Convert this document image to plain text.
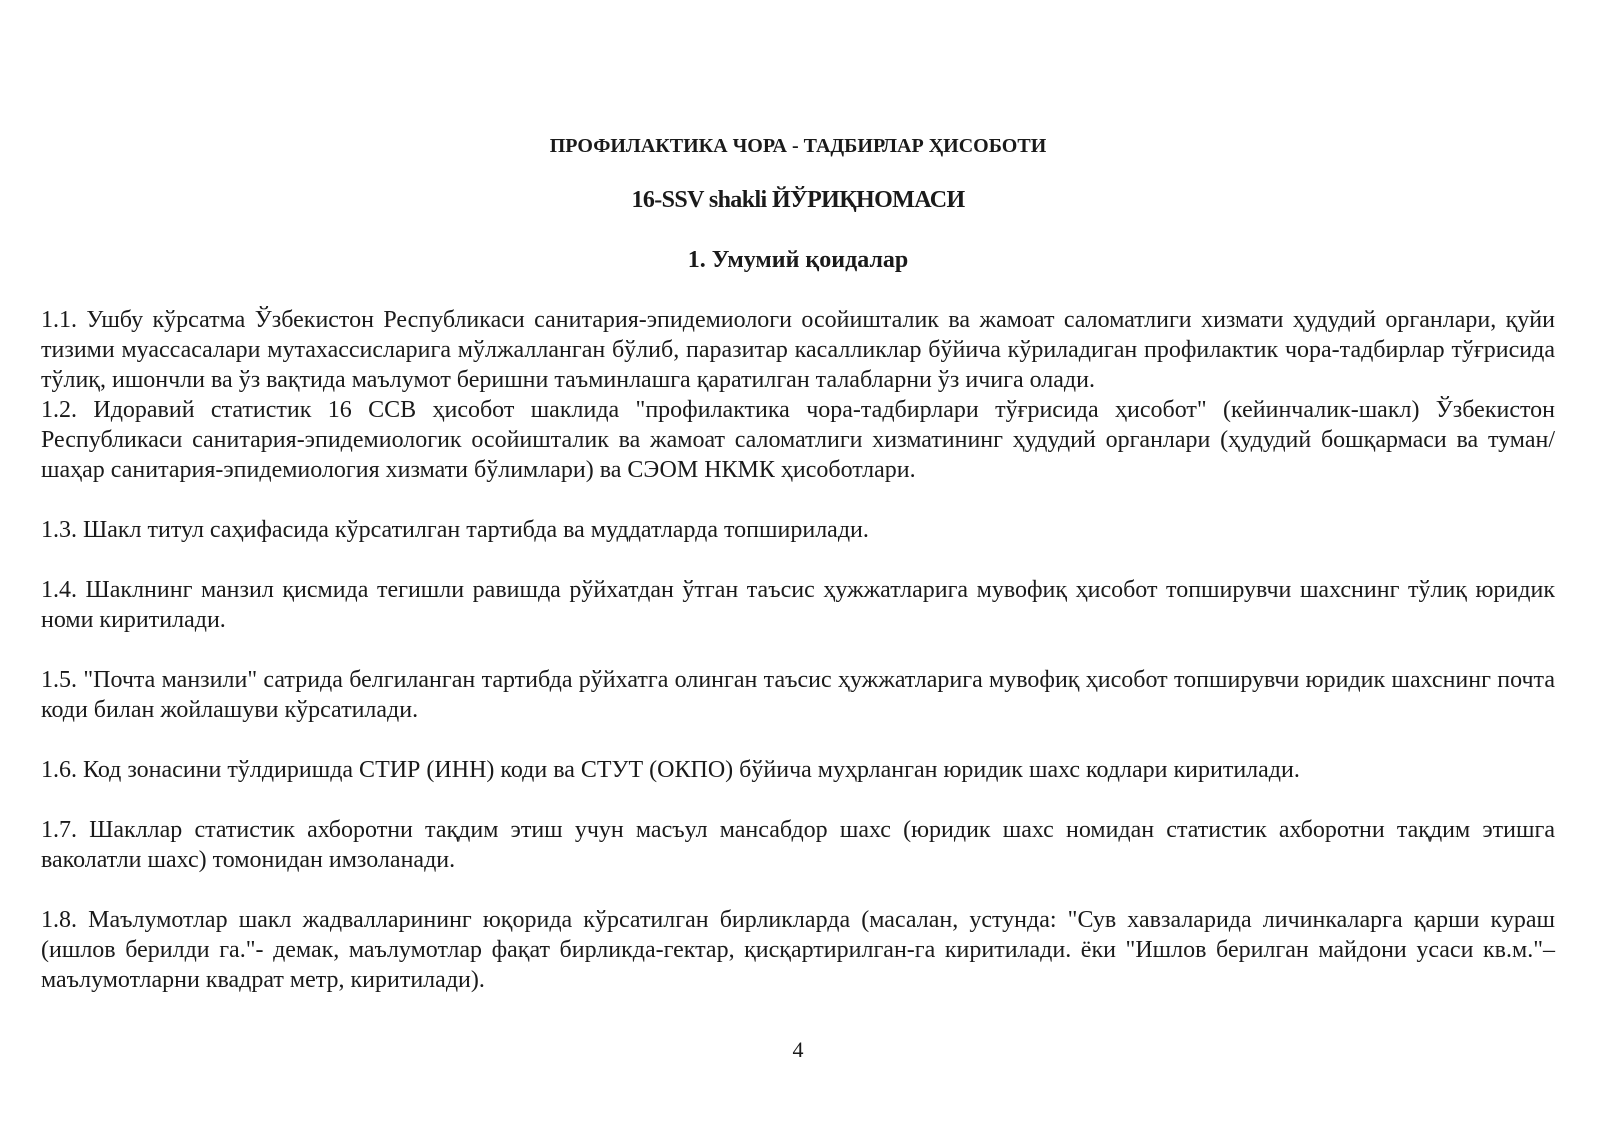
ПРОФИЛАКТИКА ЧОРА - ТАДБИРЛАР ҲИСОБОТИ
16-SSV shakli ЙЎРИҚНОМАСИ
1. Умумий қоидалар

1.1. Ушбу кўрсатма Ўзбекистон Республикаси санитария-эпидемиологи осойишталик ва жамоат саломатлиги хизмати ҳудудий органлари, қуйи тизими муассасалари мутахассисларига мўлжалланган бўлиб, паразитар касалликлар бўйича кўриладиган профилактик чора-тадбирлар тўғрисида тўлиқ, ишончли ва ўз вақтида маълумот беришни таъминлашга қаратилган талабларни ўз ичига олади.

1.2. Идоравий статистик 16 ССВ ҳисобот шаклида "профилактика чора-тадбирлари тўғрисида ҳисобот" (кейинчалик-шакл) Ўзбекистон Республикаси санитария-эпидемиологик осойишталик ва жамоат саломатлиги хизматининг ҳудудий органлари (ҳудудий бошқармаси ва туман/шаҳар санитария-эпидемиология хизмати бўлимлари) ва СЭОМ НКМК ҳисоботлари.

1.3. Шакл титул саҳифасида кўрсатилган тартибда ва муддатларда топширилади.

1.4. Шаклнинг манзил қисмида тегишли равишда рўйхатдан ўтган таъсис ҳужжатларига мувофиқ ҳисобот топширувчи шахснинг тўлиқ юридик номи киритилади.

1.5. "Почта манзили" сатрида белгиланган тартибда рўйхатга олинган таъсис ҳужжатларига мувофиқ ҳисобот топширувчи юридик шахснинг почта коди билан жойлашуви кўрсатилади.

1.6. Код зонасини тўлдиришда СТИР (ИНН) коди ва СТУТ (ОКПО) бўйича муҳрланган юридик шахс кодлари киритилади.

1.7. Шакллар статистик ахборотни тақдим этиш учун масъул мансабдор шахс (юридик шахс номидан статистик ахборотни тақдим этишга ваколатли шахс) томонидан имзоланади.

1.8. Маълумотлар шакл жадвалларининг юқорида кўрсатилган бирликларда (масалан, устунда: "Сув хавзаларида личинкаларга қарши кураш (ишлов берилди га."- демак, маълумотлар фақат бирликда-гектар, қисқартирилган-га киритилади. ёки "Ишлов берилган майдони усаси кв.м."– маълумотларни квадрат метр, киритилади).

4
